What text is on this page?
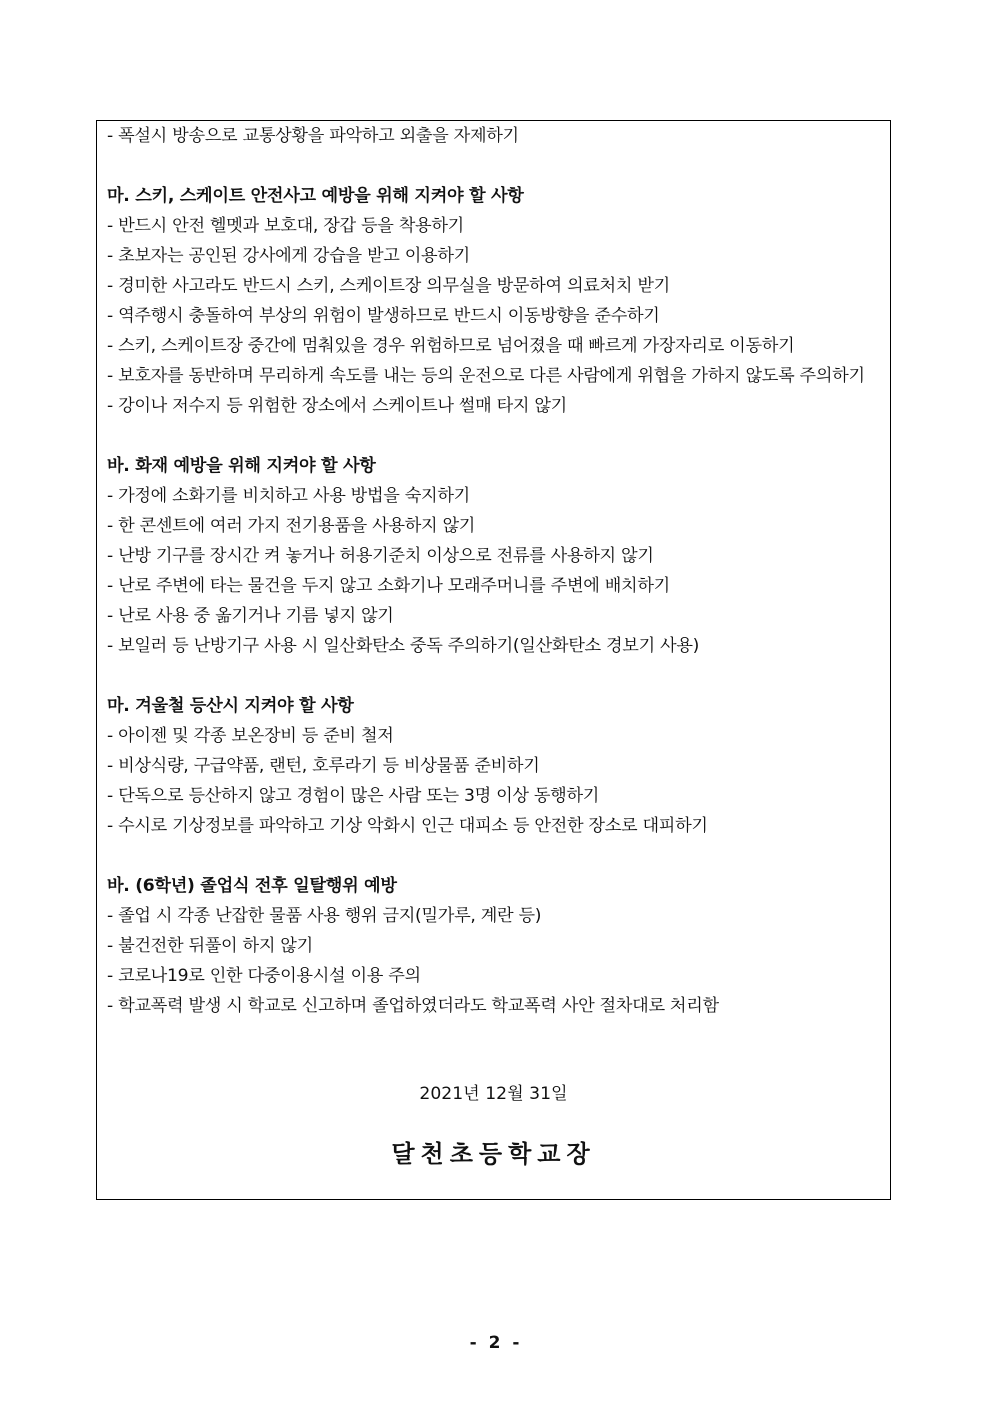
- 폭설시 방송으로 교통상황을 파악하고 외출을 자제하기
마. 스키, 스케이트 안전사고 예방을 위해 지켜야 할 사항
- 반드시 안전 헬멧과 보호대, 장갑 등을 착용하기
- 초보자는 공인된 강사에게 강습을 받고 이용하기
- 경미한 사고라도 반드시 스키, 스케이트장 의무실을 방문하여 의료처치 받기
- 역주행시 충돌하여 부상의 위험이 발생하므로 반드시 이동방향을 준수하기
- 스키, 스케이트장 중간에 멈춰있을 경우 위험하므로 넘어졌을 때 빠르게 가장자리로 이동하기
- 보호자를 동반하며 무리하게 속도를 내는 등의 운전으로 다른 사람에게 위협을 가하지 않도록 주의하기
- 강이나 저수지 등 위험한 장소에서 스케이트나 썰매 타지 않기
바. 화재 예방을 위해 지켜야 할 사항
- 가정에 소화기를 비치하고 사용 방법을 숙지하기
- 한 콘센트에 여러 가지 전기용품을 사용하지 않기
- 난방 기구를 장시간 켜 놓거나 허용기준치 이상으로 전류를 사용하지 않기
- 난로 주변에 타는 물건을 두지 않고 소화기나 모래주머니를 주변에 배치하기
- 난로 사용 중 옮기거나 기름 넣지 않기
- 보일러 등 난방기구 사용 시 일산화탄소 중독 주의하기(일산화탄소 경보기 사용)
마. 겨울철 등산시 지켜야 할 사항
- 아이젠 및 각종 보온장비 등 준비 철저
- 비상식량, 구급약품, 랜턴, 호루라기 등 비상물품 준비하기
- 단독으로 등산하지 않고 경험이 많은 사람 또는 3명 이상 동행하기
- 수시로 기상정보를 파악하고 기상 악화시 인근 대피소 등 안전한 장소로 대피하기
바. (6학년) 졸업식 전후 일탈행위 예방
- 졸업 시 각종 난잡한 물품 사용 행위 금지(밀가루, 계란 등)
- 불건전한 뒤풀이 하지 않기
- 코로나19로 인한 다중이용시설 이용 주의
- 학교폭력 발생 시 학교로 신고하며 졸업하였더라도 학교폭력 사안 절차대로 처리함
2021년 12월 31일
달천초등학교장
- 2 -
